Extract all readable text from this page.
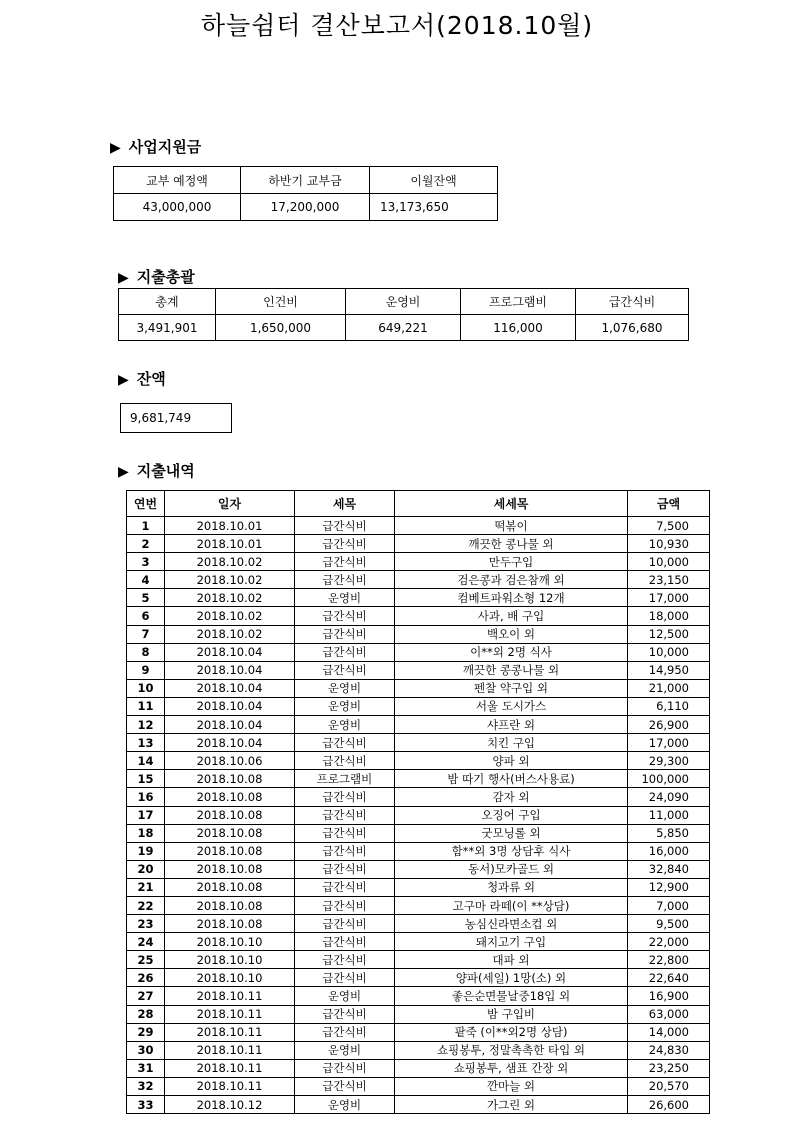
하늘쉼터 결산보고서(2018.10월)
▶ 사업지원금
교부 예정액	하반기 교부금	이월잔액
43,000,000	17,200,000	13,173,650
▶ 지출총괄
총계	인건비	운영비	프로그램비	급간식비
3,491,901	1,650,000	649,221	116,000	1,076,680
▶ 잔액
9,681,749
▶ 지출내역
연번	일자	세목	세세목	금액
1	2018.10.01	급간식비	떡볶이	7,500
2	2018.10.01	급간식비	깨끗한 콩나물 외	10,930
3	2018.10.02	급간식비	만두구입	10,000
4	2018.10.02	급간식비	검은콩과 검은참깨 외	23,150
5	2018.10.02	운영비	컴베트파워소형 12개	17,000
6	2018.10.02	급간식비	사과, 배 구입	18,000
7	2018.10.02	급간식비	백오이 외	12,500
8	2018.10.04	급간식비	이**외 2명 식사	10,000
9	2018.10.04	급간식비	깨끗한 콩콩나물 외	14,950
10	2018.10.04	운영비	펜찰 약구입 외	21,000
11	2018.10.04	운영비	서울 도시가스	6,110
12	2018.10.04	운영비	샤프란 외	26,900
13	2018.10.04	급간식비	치킨 구입	17,000
14	2018.10.06	급간식비	양파 외	29,300
15	2018.10.08	프로그램비	밤 따기 행사(버스사용료)	100,000
16	2018.10.08	급간식비	감자 외	24,090
17	2018.10.08	급간식비	오징어 구입	11,000
18	2018.10.08	급간식비	굿모닝롤 외	5,850
19	2018.10.08	급간식비	함**외 3명 상담후 식사	16,000
20	2018.10.08	급간식비	동서)모카골드 외	32,840
21	2018.10.08	급간식비	청과류 외	12,900
22	2018.10.08	급간식비	고구마 라떼(이 **상담)	7,000
23	2018.10.08	급간식비	농심신라면소컵 외	9,500
24	2018.10.10	급간식비	돼지고기 구입	22,000
25	2018.10.10	급간식비	대파 외	22,800
26	2018.10.10	급간식비	양파(세일) 1망(소) 외	22,640
27	2018.10.11	운영비	좋은순면물날중18입 외	16,900
28	2018.10.11	급간식비	밤 구입비	63,000
29	2018.10.11	급간식비	팥죽 (이**외2명 상담)	14,000
30	2018.10.11	운영비	쇼핑봉투, 정말촉촉한 타입 외	24,830
31	2018.10.11	급간식비	쇼핑봉투, 샘표 간장 외	23,250
32	2018.10.11	급간식비	깐마늘 외	20,570
33	2018.10.12	운영비	가그린 외	26,600
